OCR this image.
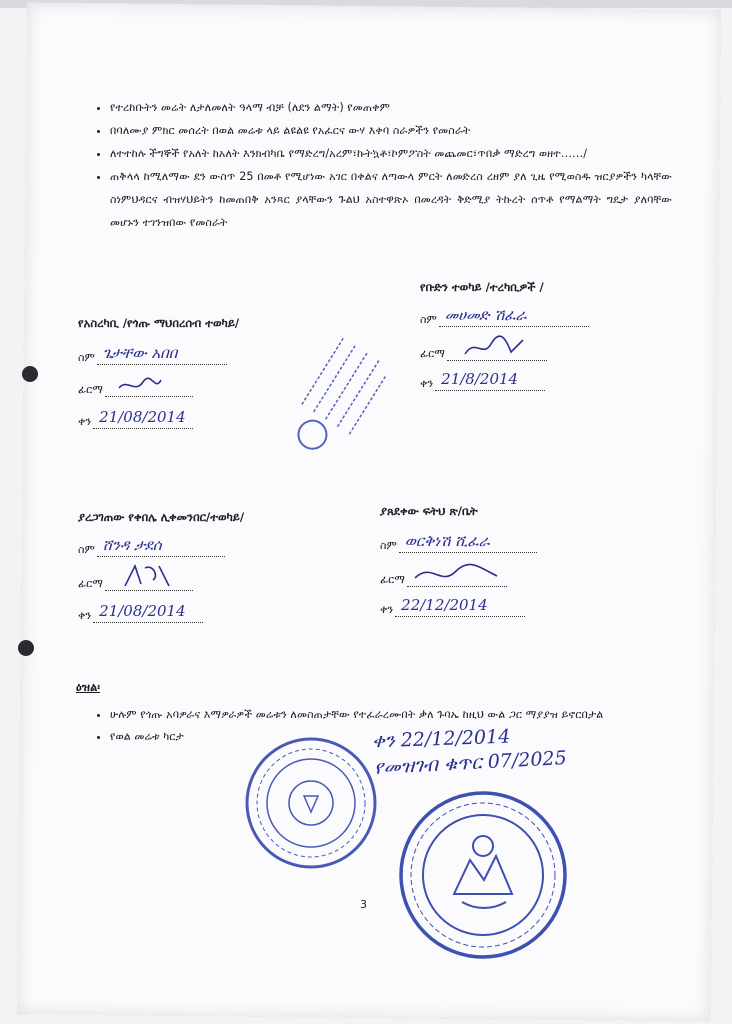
• የተረከቡትን መሬት ለታለመለት ዓላማ ብቻ (ለደን ልማት) የመጠቀም
• በባለሙያ ምክር መሰረት በወል መሬቱ ላይ ልዩልዩ የአፈርና ውሃ እቀባ ስራዎችን የመስራት
• ለተተከሉ ችግኞች የአለት ከአለት እንክብካቤ የማድረግ/አረም፣ኩትኳቶ፣ኮምፖስት መጨመር፣ጥበቃ ማድረግ ወዘተ……/
• ጠቅላላ ከሚለማው ደን ውስጥ 25 በመቶ የሚሆነው አገር በቀልና ለጣውላ ምርት ለመድረስ ረዘም ያለ ጊዜ የሚወስዱ ዝርያዎችን ካላቸው ስነምህዳርና ብዝሃህይትን ከመጠበቅ አንጻር ያላቸውን ጉልህ አስተዋጽኦ በመረዳት ቅድሚያ ትኩረት ሰጥቶ የማልማት ግዴታ ያለባቸው መሆኑን ተገንዝበው የመስራት
የቡድን ተወካይ /ተረካቢዎች /
ስም መሀመድ ሽፈራ
ፊርማ
ቀን 21/8/2014
የአስረካቢ /የጎጡ ማህበረሰብ ተወካይ/
ስም ጌታቸው አበበ
ፊርማ
ቀን 21/08/2014
ያረጋገጠው የቀበሌ ሊቀመንበር/ተወካይ/
ስም ሸንዳ ታደሰ
ፊርማ
ቀን 21/08/2014
ያጸደቀው ፍትህ ጽ/ቤት
ስም ወርቅነሽ ሺፈራ
ፊርማ
ቀን 22/12/2014
ዕዝል፡
• ሁሉም የጎጡ አባዎራና እማዎራዎች መሬቱን ለመስጠታቸው የተፈራረሙበት ቃለ ጉባኤ ከዚህ ውል ጋር ማያያዝ ይኖርበታል
• የወል መሬቱ ካርታ	ቀን 22/12/2014
የመዝገብ ቁጥር 07/2025
3
